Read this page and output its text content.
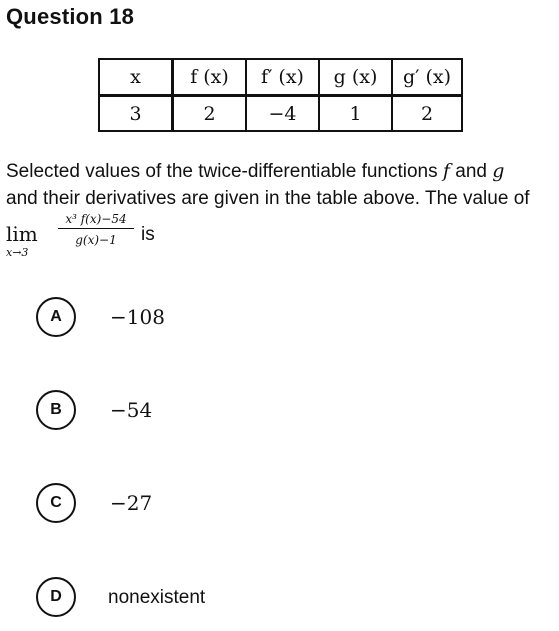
Question 18
x	f (x)	f′ (x)	g (x)	g′ (x)
3	2	−4	1	2
Selected values of the twice-differentiable functions f and g
and their derivatives are given in the table above. The value of
lim
x→3
$\frac{\text{x³ f(x)−54}}{g(x)-1}$ is
A	−108
B	−54
C	−27
D	nonexistent
